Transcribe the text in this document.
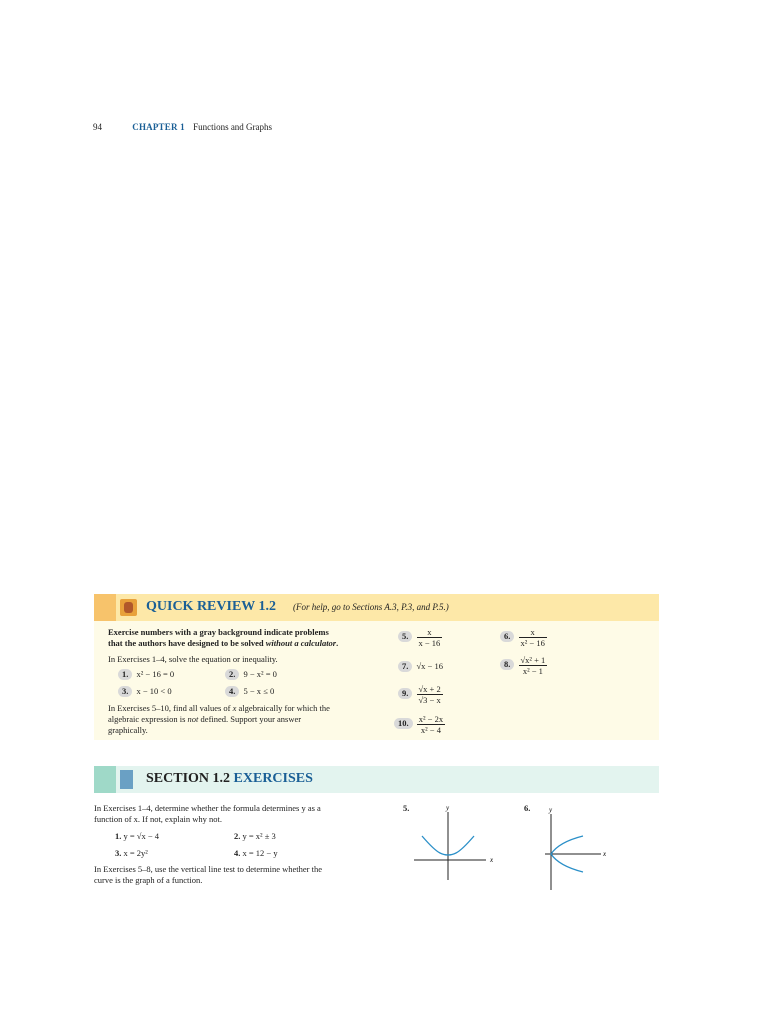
94	CHAPTER 1 Functions and Graphs
QUICK REVIEW 1.2 (For help, go to Sections A.3, P.3, and P.5.)
Exercise numbers with a gray background indicate problems
that the authors have designed to be solved without a calculator.
In Exercises 1–4, solve the equation or inequality.
1. x² − 16 = 0	2. 9 − x² = 0
3. x − 10 < 0	4. 5 − x ≤ 0
In Exercises 5–10, find all values of x algebraically for which the
algebraic expression is not defined. Support your answer
graphically.
5. $\frac{x}{x - 16}$	6. $\frac{x}{\text{x² − 16}}$
7. √x − 16	8. $\frac{\text{√x² + 1}}{\text{x² − 1}}$
9. $\frac{√x + 2}{√3 - x}$
10. $\frac{\text{x² − 2x}}{\text{x² − 4}}$
SECTION 1.2 EXERCISES
In Exercises 1–4, determine whether the formula determines y as a
function of x. If not, explain why not.
1. y = √x − 4	2. y = x² ± 3
3. x = 2y²	4. x = 12 − y
In Exercises 5–8, use the vertical line test to determine whether the
curve is the graph of a function.
5.
x
y	6.
x
y
